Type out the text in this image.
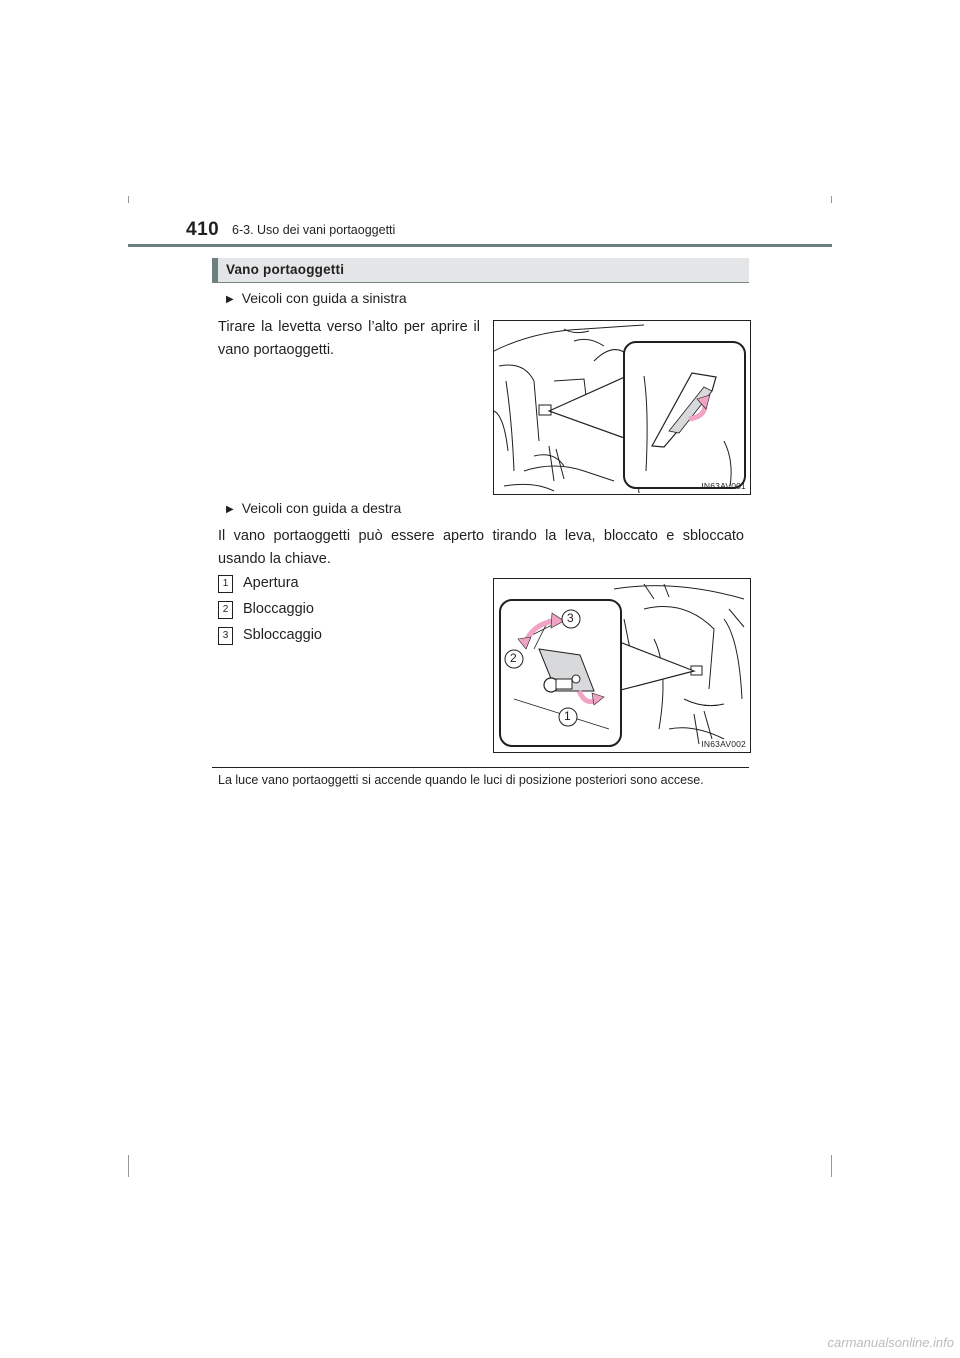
410 6-3. Uso dei vani portaoggetti
Vano portaoggetti
▶ Veicoli con guida a sinistra
Tirare la levetta verso l’alto per aprire il vano portaoggetti.
IN63AV001
▶ Veicoli con guida a destra
Il vano portaoggetti può essere aperto tirando la leva, bloccato e sbloccato usando la chiave.
1 Apertura
2 Bloccaggio
3 Sbloccaggio
3
2
1
IN63AV002
La luce vano portaoggetti si accende quando le luci di posizione posteriori sono accese.
carmanualsonline.info
